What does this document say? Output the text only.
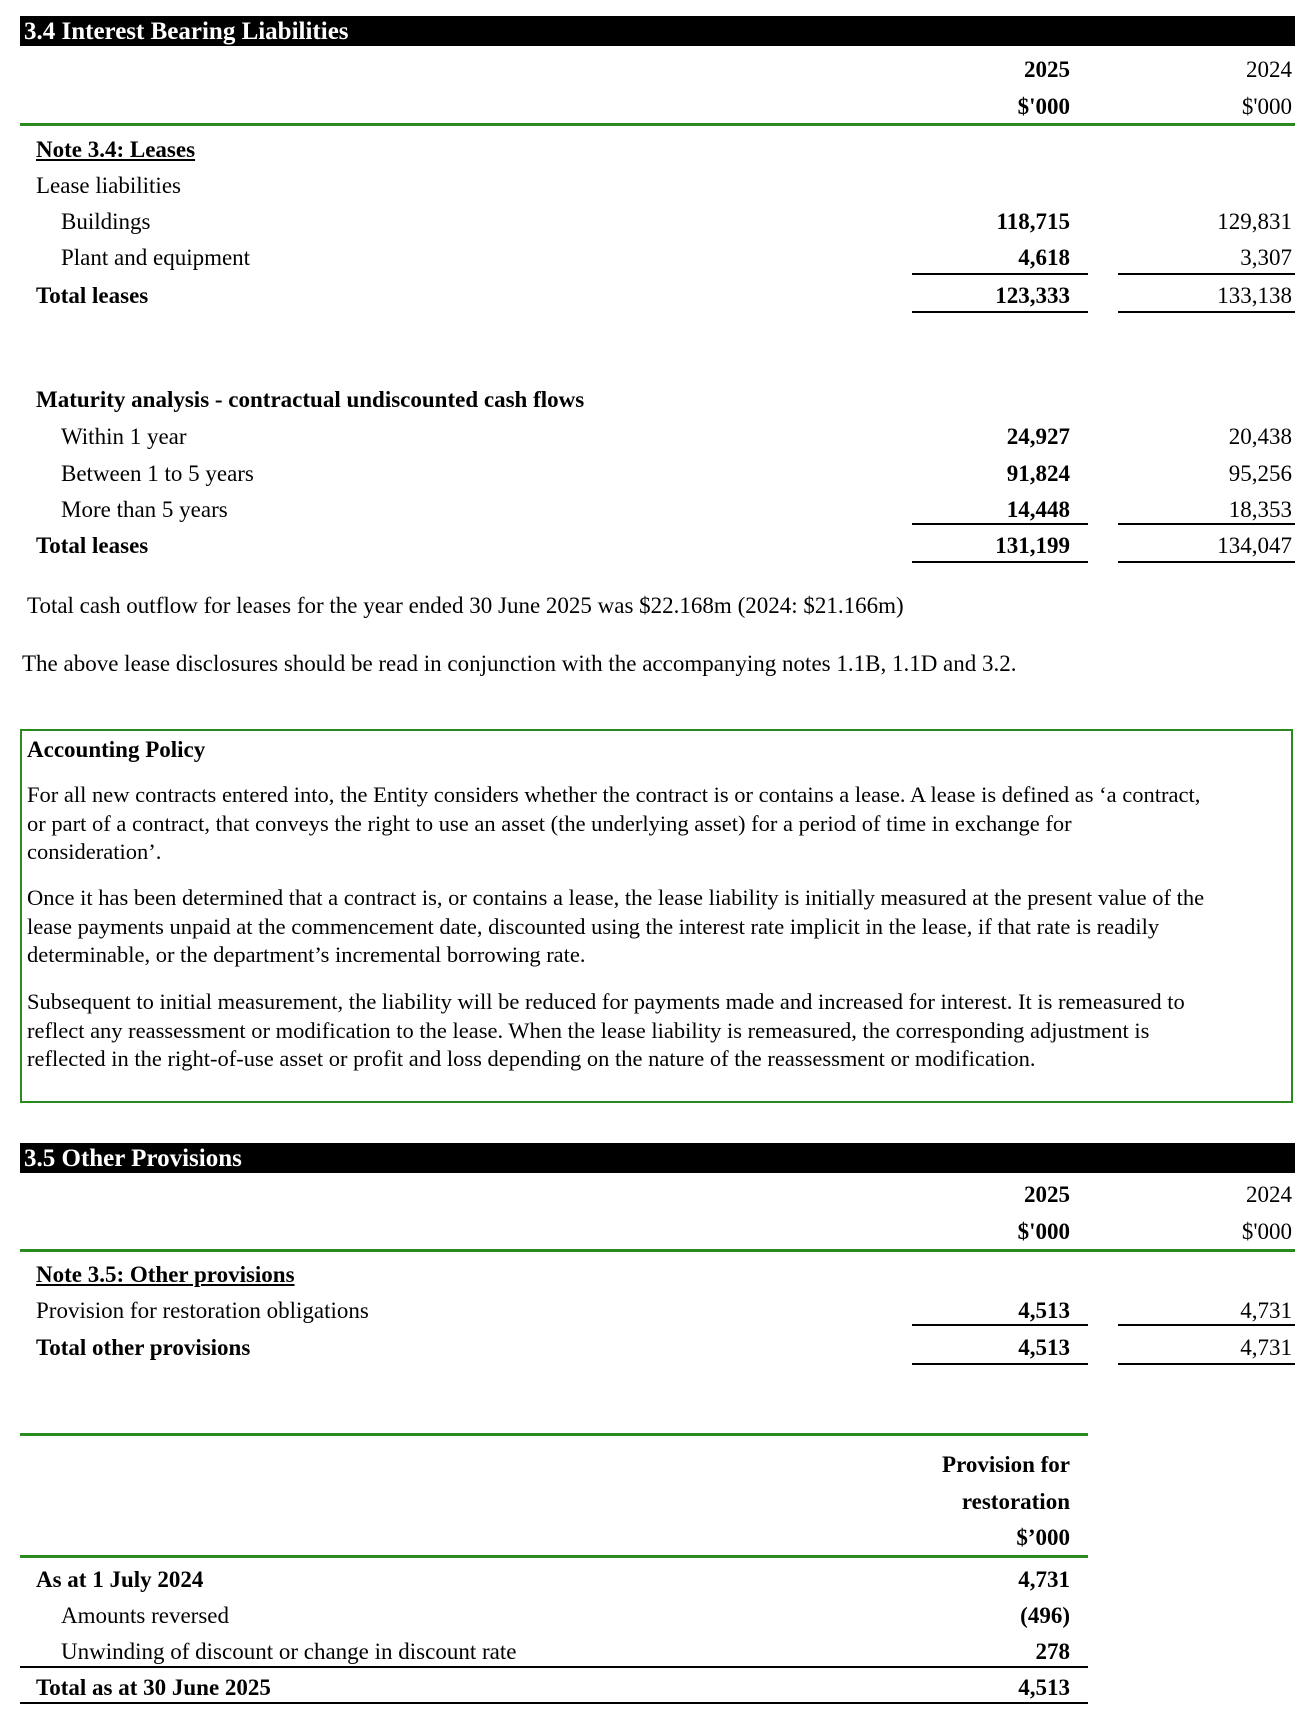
3.4 Interest Bearing Liabilities
2025	2024
$'000	$'000
Note 3.4: Leases
Lease liabilities
Buildings	118,715	129,831
Plant and equipment	4,618	3,307
Total leases	123,333	133,138
Maturity analysis - contractual undiscounted cash flows
Within 1 year	24,927	20,438
Between 1 to 5 years	91,824	95,256
More than 5 years	14,448	18,353
Total leases	131,199	134,047
Total cash outflow for leases for the year ended 30 June 2025 was $22.168m (2024: $21.166m)
The above lease disclosures should be read in conjunction with the accompanying notes 1.1B, 1.1D and 3.2.
Accounting Policy
For all new contracts entered into, the Entity considers whether the contract is or contains a lease. A lease is defined as ‘a contract, or part of a contract, that conveys the right to use an asset (the underlying asset) for a period of time in exchange for consideration’.
Once it has been determined that a contract is, or contains a lease, the lease liability is initially measured at the present value of the lease payments unpaid at the commencement date, discounted using the interest rate implicit in the lease, if that rate is readily determinable, or the department’s incremental borrowing rate.
Subsequent to initial measurement, the liability will be reduced for payments made and increased for interest. It is remeasured to reflect any reassessment or modification to the lease. When the lease liability is remeasured, the corresponding adjustment is reflected in the right-of-use asset or profit and loss depending on the nature of the reassessment or modification.
3.5 Other Provisions
2025	2024
$'000	$'000
Note 3.5: Other provisions
Provision for restoration obligations	4,513	4,731
Total other provisions	4,513	4,731
Provision for
restoration
$’000
As at 1 July 2024	4,731
Amounts reversed	(496)
Unwinding of discount or change in discount rate	278
Total as at 30 June 2025	4,513
